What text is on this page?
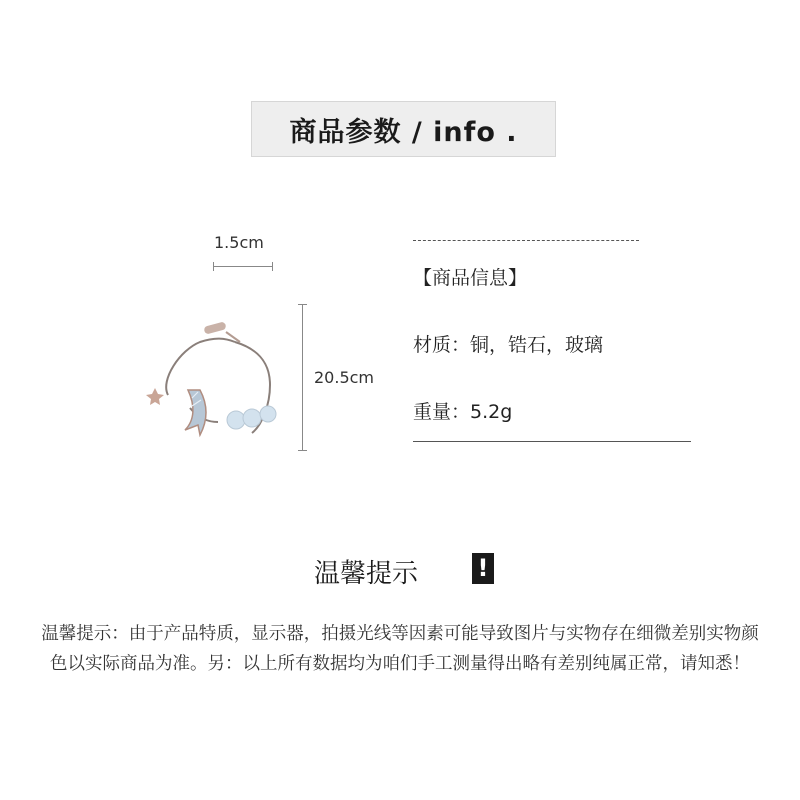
商品参数 / info .
1.5cm
20.5cm
【商品信息】
材质：铜，锆石，玻璃
重量：5.2g
温馨提示 !
温馨提示：由于产品特质，显示器，拍摄光线等因素可能导致图片与实物存在细微差别实物颜色以实际商品为准。另：以上所有数据均为咱们手工测量得出略有差别纯属正常，请知悉！
